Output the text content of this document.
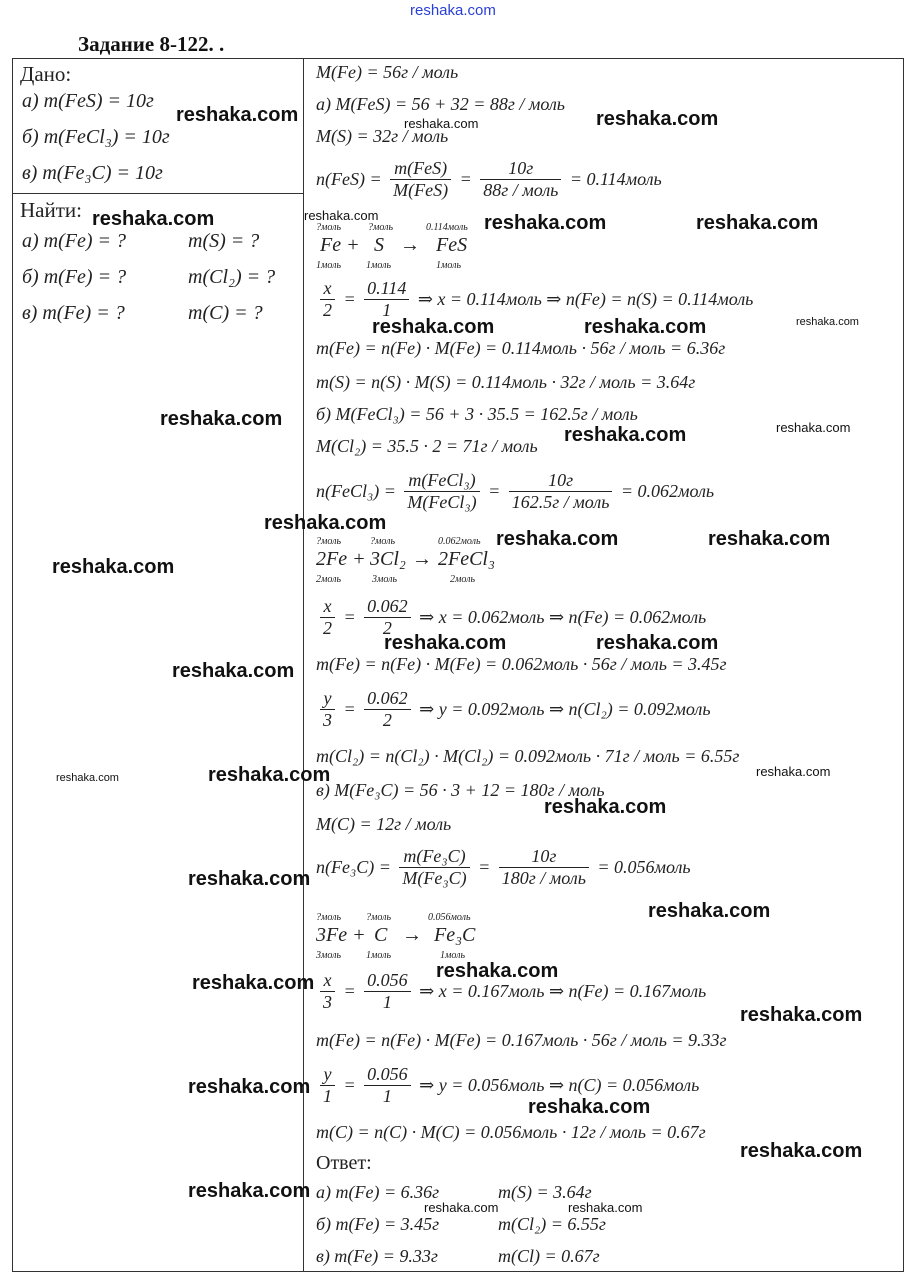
reshaka.com
Задание 8-122. .
Дано:
а) m(FeS) = 10г
б) m(FeCl₃) = 10г
в) m(Fe₃C) = 10г
Найти:
а) m(Fe) = ?	m(S) = ?
б) m(Fe) = ?	m(Cl₂) = ?
в) m(Fe) = ?	m(C) = ?
M(Fe) = 56г / моль
а) M(FeS) = 56 + 32 = 88г / моль
M(S) = 32г / моль
$n(FeS) = \frac{\text{m(FeS)}}{\text{M(FeS)}} = \frac{10г}{\text{88г / моль}}$ = 0.114моль
?моль	?моль	0.114моль
Fe + S → FeS
1моль 1моль	1моль
$\frac{x}{2} = \frac{0.114}{1}$ ⇒ x = 0.114моль ⇒ n(Fe) = n(S) = 0.114моль
m(Fe) = n(Fe) · M(Fe) = 0.114моль · 56г / моль = 6.36г
m(S) = n(S) · M(S) = 0.114моль · 32г / моль = 3.64г
б) M(FeCl₃) = 56 + 3 · 35.5 = 162.5г / моль
M(Cl₂) = 35.5 · 2 = 71г / моль
n(FeCl₃) = $\frac{\text{m(FeCl₃)}}{\text{M(FeCl₃)}} = \frac{10г}{\text{162.5г / моль}}$ = 0.062моль
?моль	?моль	0.062моль
2Fe + 3Cl₂ → 2FeCl₃
2моль	3моль	2моль
$\frac{x}{2} = \frac{0.062}{2}$ ⇒ x = 0.062моль ⇒ n(Fe) = 0.062моль
m(Fe) = n(Fe) · M(Fe) = 0.062моль · 56г / моль = 3.45г
$\frac{y}{3} = \frac{0.062}{2}$ ⇒ y = 0.092моль ⇒ n(Cl₂) = 0.092моль
m(Cl₂) = n(Cl₂) · M(Cl₂) = 0.092моль · 71г / моль = 6.55г
в) M(Fe₃C) = 56 · 3 + 12 = 180г / моль
M(C) = 12г / моль
$n(Fe_3C) = \frac{\text{m(Fe₃C)}}{\text{M(Fe₃C)}} = \frac{10г}{\text{180г / моль}}$ = 0.056моль
?моль ?моль	0.056моль
3Fe + C → Fe₃C
3моль 1моль	1моль
$\frac{x}{3} = \frac{0.056}{1}$ ⇒ x = 0.167моль ⇒ n(Fe) = 0.167моль
m(Fe) = n(Fe) · M(Fe) = 0.167моль · 56г / моль = 9.33г
$\frac{y}{1} = \frac{0.056}{1}$ ⇒ y = 0.056моль ⇒ n(C) = 0.056моль
m(C) = n(C) · M(C) = 0.056моль · 12г / моль = 0.67г
Ответ:
а) m(Fe) = 6.36г	m(S) = 3.64г
б) m(Fe) = 3.45г	m(Cl₂) = 6.55г
в) m(Fe) = 9.33г	m(Cl) = 0.67г
reshaka.com	reshaka.com	reshaka.com
reshaka.com	reshaka.com	reshaka.com	reshaka.com
reshaka.com	reshaka.com	reshaka.com
reshaka.com
reshaka.com	reshaka.com
reshaka.com
reshaka.com	reshaka.com
reshaka.com
reshaka.com	reshaka.com
reshaka.com
reshaka.com
reshaka.com	reshaka.com
reshaka.com
reshaka.com
reshaka.com
reshaka.com
reshaka.com
reshaka.com
reshaka.com
reshaka.com
reshaka.com
reshaka.com
reshaka.com	reshaka.com
